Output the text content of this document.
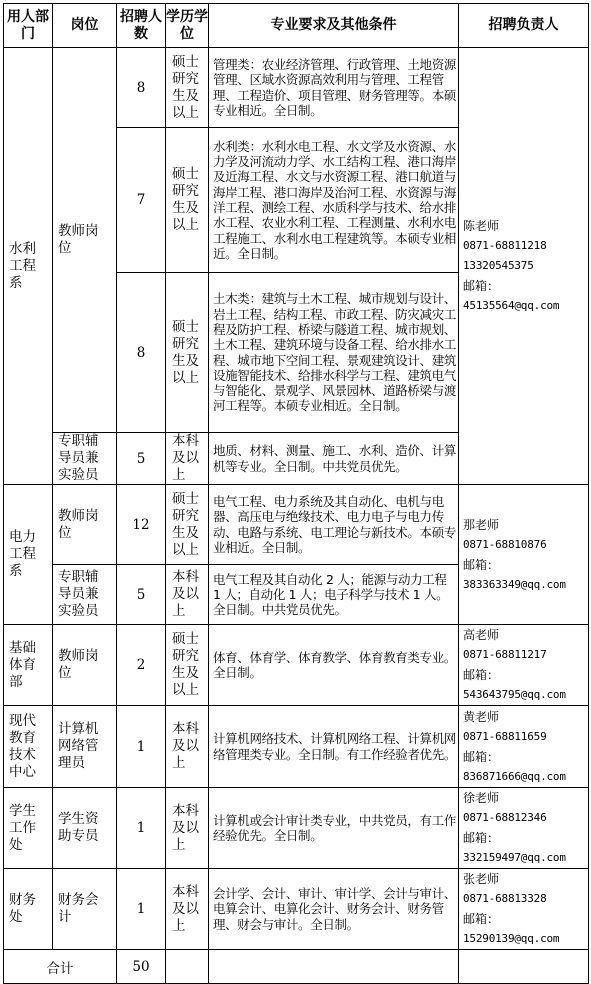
用人部门	岗位	招聘人数	学历学位	专业要求及其他条件	招聘负责人

水利工程系	教师岗位	8	硕士研究生及以上	管理类：农业经济管理、行政管理、土地资源管理、区域水资源高效利用与管理、工程管理、工程造价、项目管理、财务管理等。本硕专业相近。全日制。	陈老师
0871-68811218
13320545375
邮箱：
45135564@qq.com

		7	硕士研究生及以上	水利类：水利水电工程、水文学及水资源、水力学及河流动力学、水工结构工程、港口海岸及近海工程、水文与水资源工程、港口航道与海岸工程、港口海岸及治河工程、水资源与海洋工程、测绘工程、水质科学与技术、给水排水工程、农业水利工程、工程测量、水利水电工程施工、水利水电工程建筑等。本硕专业相近。全日制。	

		8	硕士研究生及以上	土木类：建筑与土木工程、城市规划与设计、岩土工程、结构工程、市政工程、防灾减灾工程及防护工程、桥梁与隧道工程、城市规划、土木工程、建筑环境与设备工程、给水排水工程、城市地下空间工程、景观建筑设计、建筑设施智能技术、给排水科学与工程、建筑电气与智能化、景观学、风景园林、道路桥梁与渡河工程等。本硕专业相近。全日制。	

	专职辅导员兼实验员	5	本科及以上	地质、材料、测量、施工、水利、造价、计算机等专业。全日制。中共党员优先。	

电力工程系	教师岗位	12	硕士研究生及以上	电气工程、电力系统及其自动化、电机与电器、高压电与绝缘技术、电力电子与电力传动、电路与系统、电工理论与新技术。本硕专业相近。全日制。	那老师
0871-68810876
邮箱：
383363349@qq.com

	专职辅导员兼实验员	5	本科及以上	电气工程及其自动化 2 人；能源与动力工程 1 人；自动化 1 人；电子科学与技术 1 人。全日制。中共党员优先。	

基础体育部	教师岗位	2	硕士研究生及以上	体育、体育学、体育教学、体育教育类专业。全日制。	高老师
0871-68811217
邮箱：
543643795@qq.com

现代教育技术中心	计算机网络管理员	1	本科及以上	计算机网络技术、计算机网络工程、计算机网络管理类专业。全日制。有工作经验者优先。	黄老师
0871-68811659
邮箱：
836871666@qq.com

学生工作处	学生资助专员	1	本科及以上	计算机或会计审计类专业，中共党员，有工作经验优先。全日制。	徐老师
0871-68812346
邮箱：
332159497@qq.com

财务处	财务会计	1	本科及以上	会计学、会计、审计、审计学、会计与审计、电算会计、电算化会计、财务会计、财务管理、财会与审计。全日制。	张老师
0871-68813328
邮箱：
15290139@qq.com

合计		50			
